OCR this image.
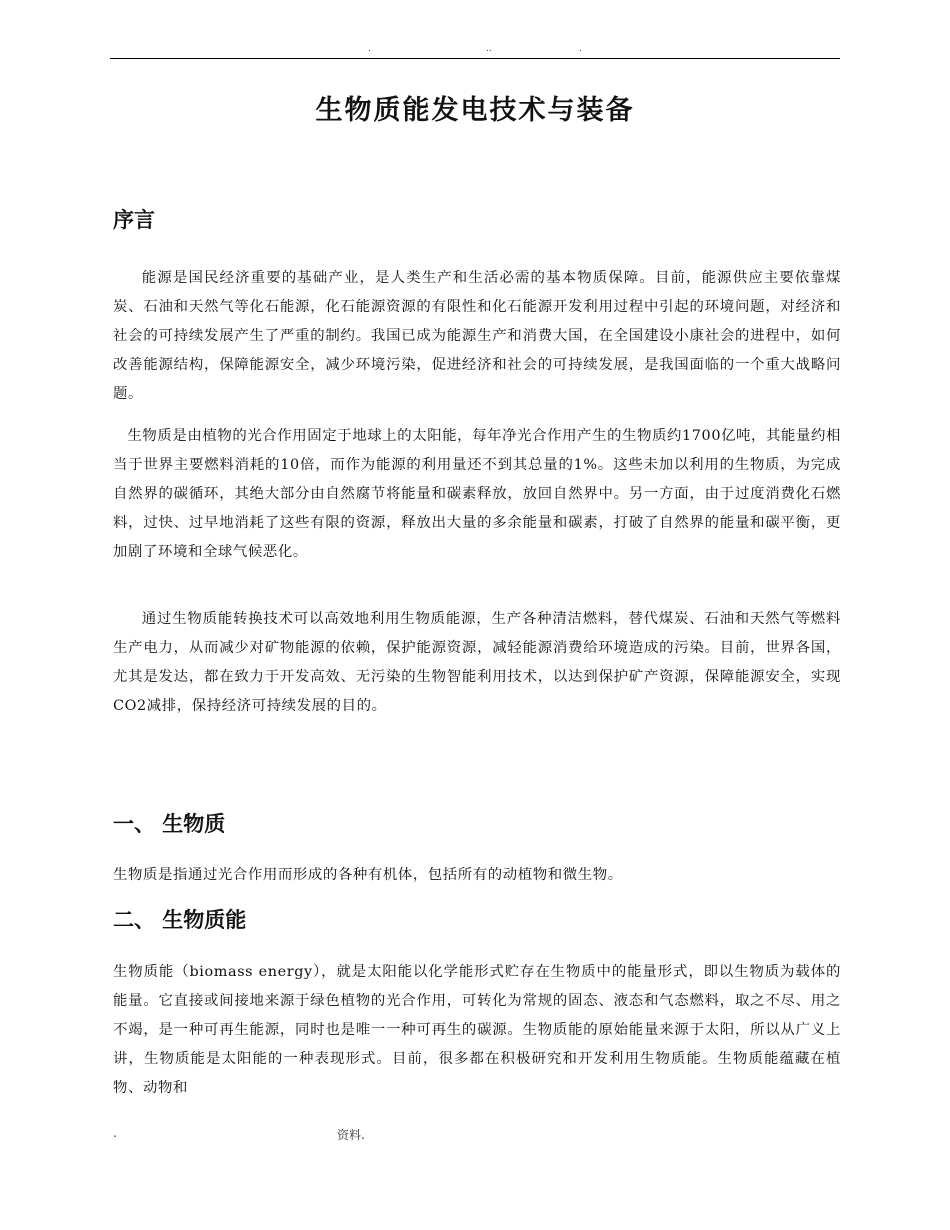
.	..	.
生物质能发电技术与装备
序言

能源是国民经济重要的基础产业，是人类生产和生活必需的基本物质保障。目前，能源供应主要依靠煤炭、石油和天然气等化石能源，化石能源资源的有限性和化石能源开发利用过程中引起的环境问题，对经济和社会的可持续发展产生了严重的制约。我国已成为能源生产和消费大国，在全国建设小康社会的进程中，如何改善能源结构，保障能源安全，减少环境污染，促进经济和社会的可持续发展，是我国面临的一个重大战略问题。

生物质是由植物的光合作用固定于地球上的太阳能，每年净光合作用产生的生物质约1700亿吨，其能量约相当于世界主要燃料消耗的10倍，而作为能源的利用量还不到其总量的1%。这些未加以利用的生物质，为完成自然界的碳循环，其绝大部分由自然腐节将能量和碳素释放，放回自然界中。另一方面，由于过度消费化石燃料，过快、过早地消耗了这些有限的资源，释放出大量的多余能量和碳素，打破了自然界的能量和碳平衡，更加剧了环境和全球气候恶化。

通过生物质能转换技术可以高效地利用生物质能源，生产各种清洁燃料，替代煤炭、石油和天然气等燃料生产电力，从而减少对矿物能源的依赖，保护能源资源，减轻能源消费给环境造成的污染。目前，世界各国，尤其是发达，都在致力于开发高效、无污染的生物智能利用技术，以达到保护矿产资源，保障能源安全，实现CO2减排，保持经济可持续发展的目的。

一、 生物质

生物质是指通过光合作用而形成的各种有机体，包括所有的动植物和微生物。

二、 生物质能

生物质能（biomass energy），就是太阳能以化学能形式贮存在生物质中的能量形式，即以生物质为载体的能量。它直接或间接地来源于绿色植物的光合作用，可转化为常规的固态、液态和气态燃料，取之不尽、用之不竭，是一种可再生能源，同时也是唯一一种可再生的碳源。生物质能的原始能量来源于太阳，所以从广义上讲，生物质能是太阳能的一种表现形式。目前，很多都在积极研究和开发利用生物质能。生物质能蕴藏在植物、动物和

.	资料.
